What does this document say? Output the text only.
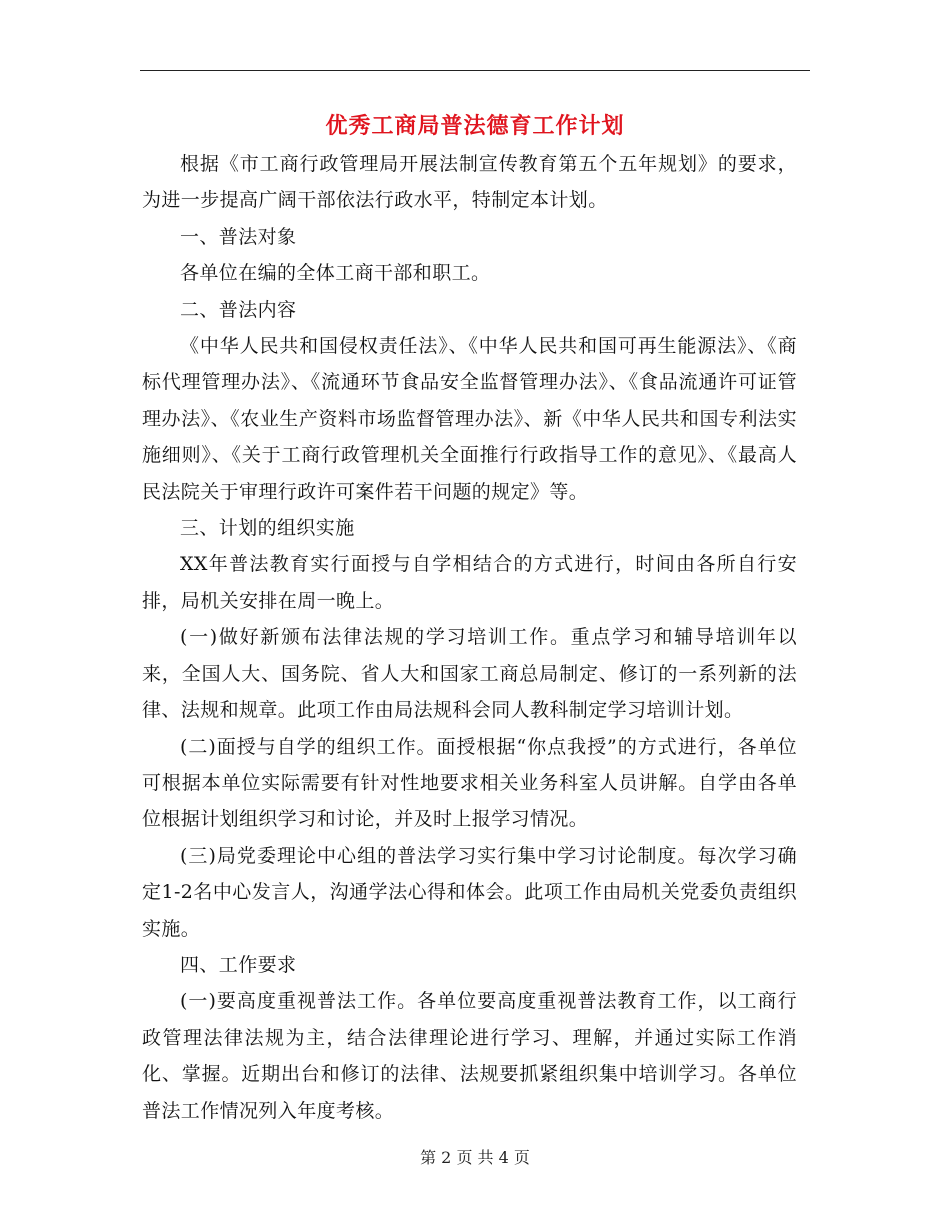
优秀工商局普法德育工作计划

根据《市工商行政管理局开展法制宣传教育第五个五年规划》的要求，为进一步提高广阔干部依法行政水平，特制定本计划。

一、普法对象

各单位在编的全体工商干部和职工。

二、普法内容

《中华人民共和国侵权责任法》、《中华人民共和国可再生能源法》、《商标代理管理办法》、《流通环节食品安全监督管理办法》、《食品流通许可证管理办法》、《农业生产资料市场监督管理办法》、新《中华人民共和国专利法实施细则》、《关于工商行政管理机关全面推行行政指导工作的意见》、《最高人民法院关于审理行政许可案件若干问题的规定》等。

三、计划的组织实施

XX年普法教育实行面授与自学相结合的方式进行，时间由各所自行安排，局机关安排在周一晚上。

(一)做好新颁布法律法规的学习培训工作。重点学习和辅导培训年以来，全国人大、国务院、省人大和国家工商总局制定、修订的一系列新的法律、法规和规章。此项工作由局法规科会同人教科制定学习培训计划。

(二)面授与自学的组织工作。面授根据“你点我授”的方式进行，各单位可根据本单位实际需要有针对性地要求相关业务科室人员讲解。自学由各单位根据计划组织学习和讨论，并及时上报学习情况。

(三)局党委理论中心组的普法学习实行集中学习讨论制度。每次学习确定1-2名中心发言人，沟通学法心得和体会。此项工作由局机关党委负责组织实施。

四、工作要求

(一)要高度重视普法工作。各单位要高度重视普法教育工作，以工商行政管理法律法规为主，结合法律理论进行学习、理解，并通过实际工作消化、掌握。近期出台和修订的法律、法规要抓紧组织集中培训学习。各单位普法工作情况列入年度考核。

第 2 页 共 4 页
